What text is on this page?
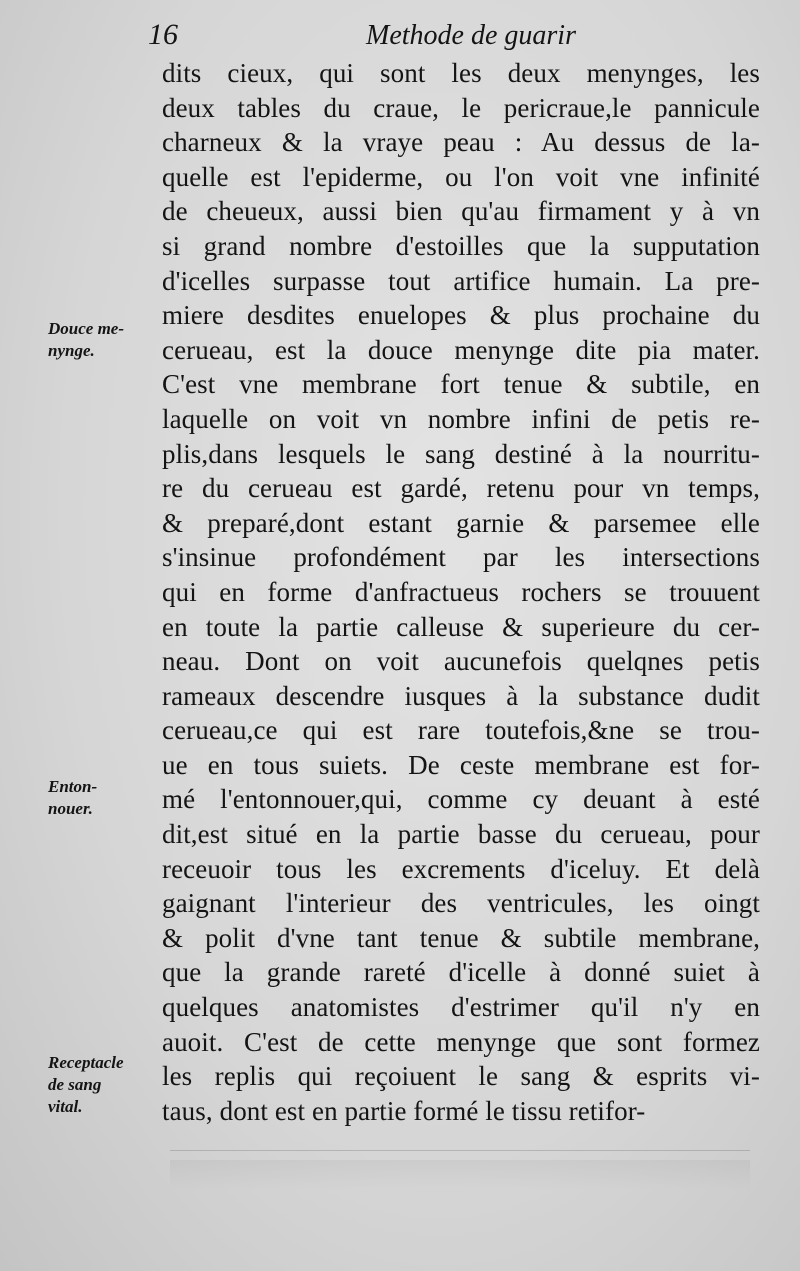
16	Methode de guarir
dits cieux, qui sont les deux menynges, les
deux tables du craue, le pericraue,le pannicule
charneux & la vraye peau : Au dessus de la-
quelle est l'epiderme, ou l'on voit vne infinité
de cheueux, aussi bien qu'au firmament y à vn
si grand nombre d'estoilles que la supputation
d'icelles surpasse tout artifice humain. La pre-
miere desdites enuelopes & plus prochaine du
cerueau, est la douce menynge dite pia mater.
C'est vne membrane fort tenue & subtile, en
laquelle on voit vn nombre infini de petis re-
plis,dans lesquels le sang destiné à la nourritu-
re du cerueau est gardé, retenu pour vn temps,
& preparé,dont estant garnie & parsemee elle
s'insinue profondément par les intersections
qui en forme d'anfractueus rochers se trouuent
en toute la partie calleuse & superieure du cer-
neau. Dont on voit aucunefois quelqnes petis
rameaux descendre iusques à la substance dudit
cerueau,ce qui est rare toutefois,&ne se trou-
ue en tous suiets. De ceste membrane est for-
mé l'entonnouer,qui, comme cy deuant à esté
dit,est situé en la partie basse du cerueau, pour
receuoir tous les excrements d'iceluy. Et delà
gaignant l'interieur des ventricules, les oingt
& polit d'vne tant tenue & subtile membrane,
que la grande rareté d'icelle à donné suiet à
quelques anatomistes d'estrimer qu'il n'y en
auoit. C'est de cette menynge que sont formez
les replis qui reçoiuent le sang & esprits vi-
taus, dont est en partie formé le tissu retifor-
Douce me-
nynge.
Enton-
nouer.
Receptacle
de sang
vital.
